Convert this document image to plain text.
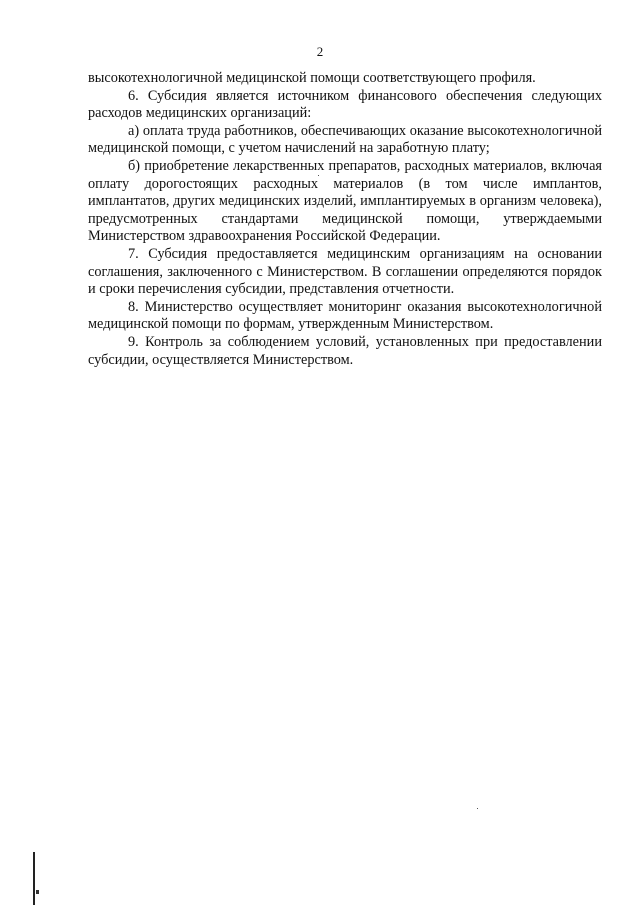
2

высокотехнологичной медицинской помощи соответствующего профиля.

6. Субсидия является источником финансового обеспечения следующих расходов медицинских организаций:

а) оплата труда работников, обеспечивающих оказание высокотехнологичной медицинской помощи, с учетом начислений на заработную плату;

б) приобретение лекарственных препаратов, расходных материалов, включая оплату дорогостоящих расходных материалов (в том числе имплантов, имплантатов, других медицинских изделий, имплантируемых в организм человека), предусмотренных стандартами медицинской помощи, утверждаемыми Министерством здравоохранения Российской Федерации.

7. Субсидия предоставляется медицинским организациям на основании соглашения, заключенного с Министерством. В соглашении определяются порядок и сроки перечисления субсидии, представления отчетности.

8. Министерство осуществляет мониторинг оказания высокотехнологичной медицинской помощи по формам, утвержденным Министерством.

9. Контроль за соблюдением условий, установленных при предоставлении субсидии, осуществляется Министерством.
